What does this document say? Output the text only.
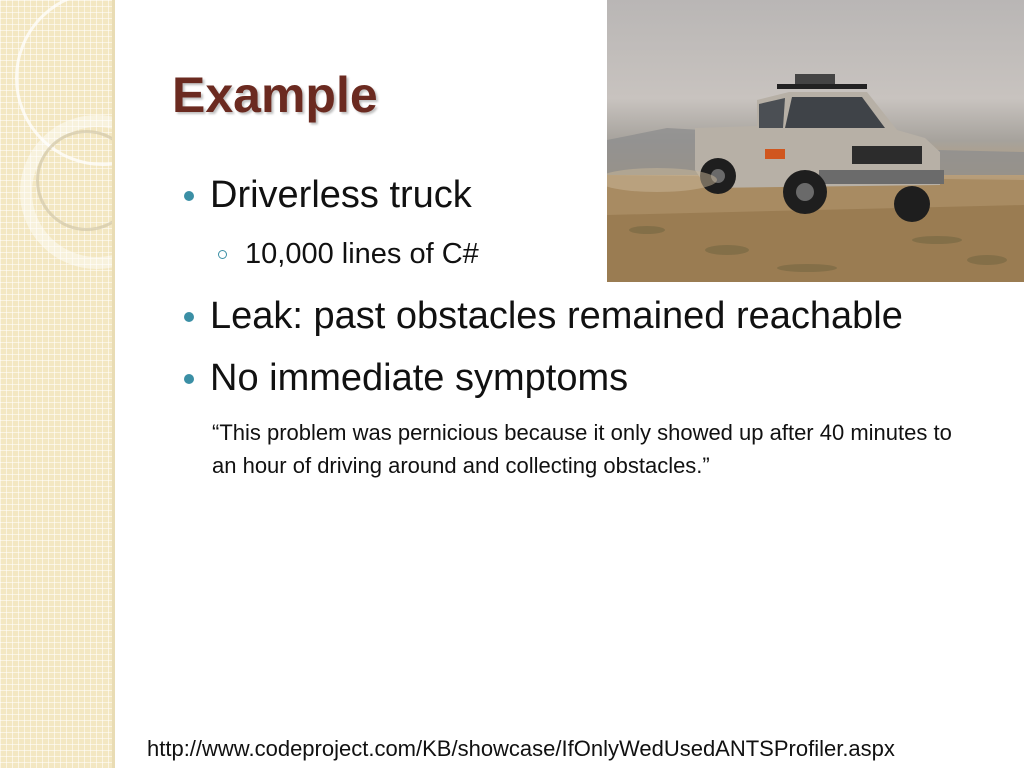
Example
Driverless truck
10,000 lines of C#
Leak: past obstacles remained reachable
No immediate symptoms
“This problem was pernicious because it only showed up after 40 minutes to an hour of driving around and collecting obstacles.”
http://www.codeproject.com/KB/showcase/IfOnlyWedUsedANTSProfiler.aspx
